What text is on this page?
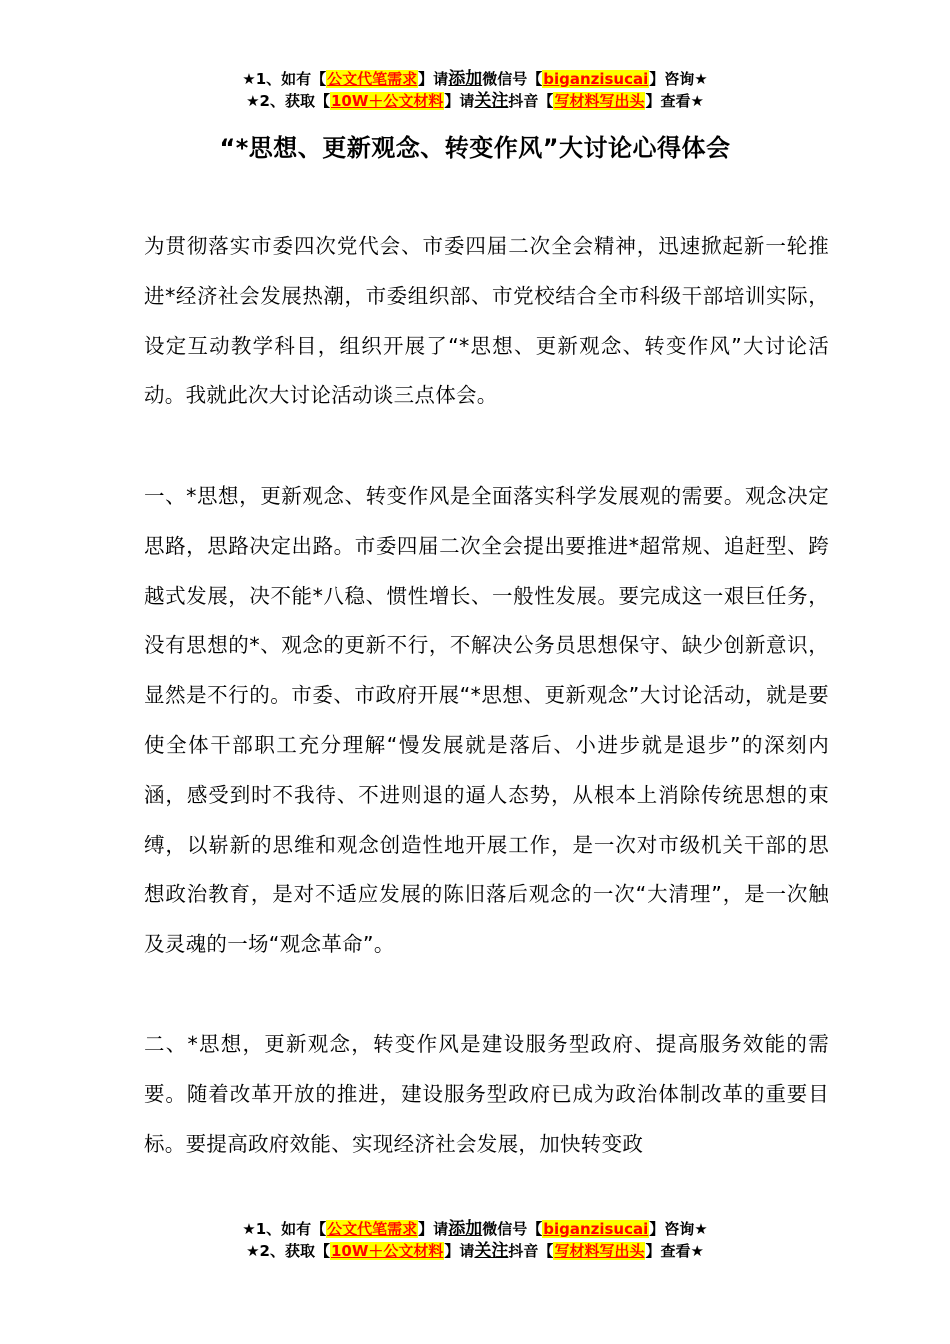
★1、如有【公文代笔需求】请添加微信号【biganzisucai】咨询★
★2、获取【10W＋公文材料】请关注抖音【写材料写出头】查看★
“*思想、更新观念、转变作风”大讨论心得体会

为贯彻落实市委四次党代会、市委四届二次全会精神，迅速掀起新一轮推进*经济社会发展热潮，市委组织部、市党校结合全市科级干部培训实际，设定互动教学科目，组织开展了“*思想、更新观念、转变作风”大讨论活动。我就此次大讨论活动谈三点体会。

一、*思想，更新观念、转变作风是全面落实科学发展观的需要。观念决定思路，思路决定出路。市委四届二次全会提出要推进*超常规、追赶型、跨越式发展，决不能*八稳、惯性增长、一般性发展。要完成这一艰巨任务，没有思想的*、观念的更新不行，不解决公务员思想保守、缺少创新意识，显然是不行的。市委、市政府开展“*思想、更新观念”大讨论活动，就是要使全体干部职工充分理解“慢发展就是落后、小进步就是退步”的深刻内涵，感受到时不我待、不进则退的逼人态势，从根本上消除传统思想的束缚，以崭新的思维和观念创造性地开展工作，是一次对市级机关干部的思想政治教育，是对不适应发展的陈旧落后观念的一次“大清理”，是一次触及灵魂的一场“观念革命”。

二、*思想，更新观念，转变作风是建设服务型政府、提高服务效能的需要。随着改革开放的推进，建设服务型政府已成为政治体制改革的重要目标。要提高政府效能、实现经济社会发展，加快转变政

★1、如有【公文代笔需求】请添加微信号【biganzisucai】咨询★
★2、获取【10W＋公文材料】请关注抖音【写材料写出头】查看★
